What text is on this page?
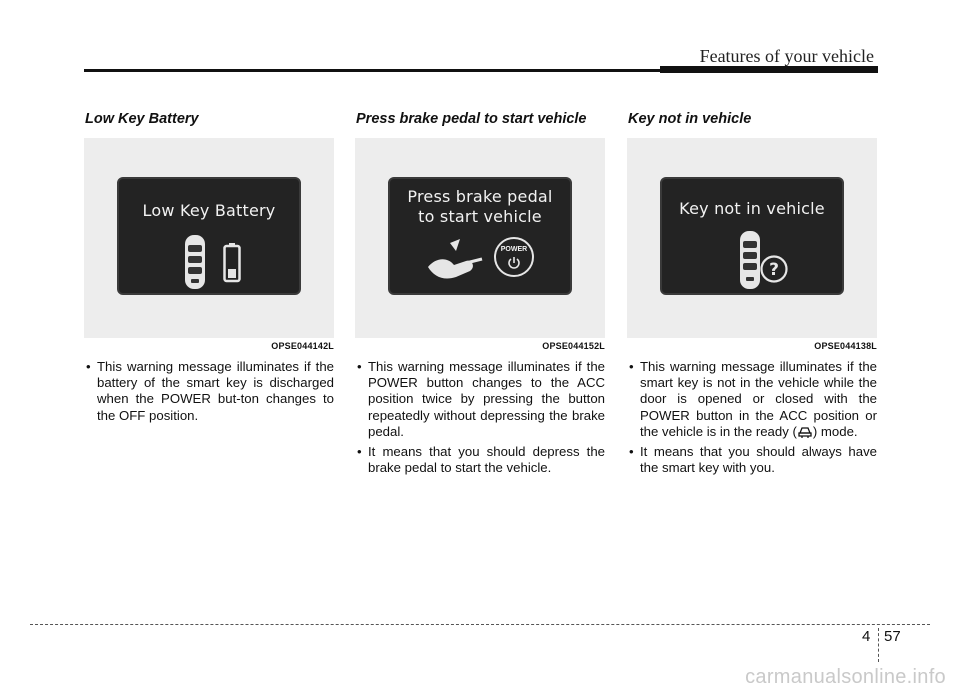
Features of your vehicle
Low Key Battery
Low Key Battery
OPSE044142L
• This warning message illuminates if the battery of the smart key is discharged when the POWER but-ton changes to the OFF position.
Press brake pedal to start vehicle
Press brake pedal
to start vehicle
POWER
OPSE044152L
• This warning message illuminates if the POWER button changes to the ACC position twice by pressing the button repeatedly without depressing the brake pedal.
• It means that you should depress the brake pedal to start the vehicle.
Key not in vehicle
Key not in vehicle
?
OPSE044138L
• This warning message illuminates if the smart key is not in the vehicle while the door is opened or closed with the POWER button in the ACC position or the vehicle is in the ready ( ) mode.
• It means that you should always have the smart key with you.
4 57
carmanualsonline.info
